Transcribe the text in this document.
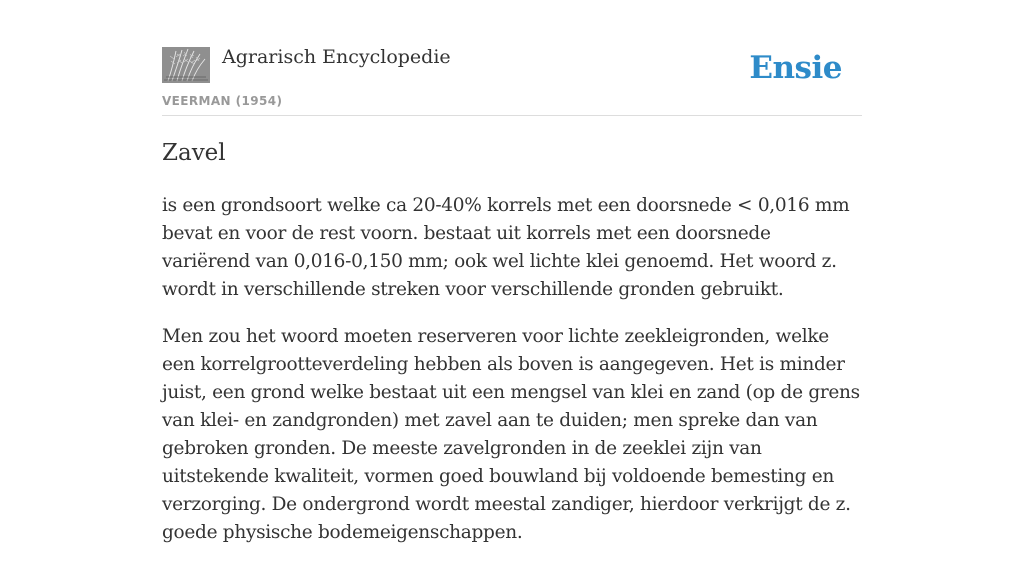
Agrarisch Encyclopedie
VEERMAN (1954)
Ensie
Zavel

is een grondsoort welke ca 20-40% korrels met een doorsnede < 0,016 mm bevat en voor de rest voorn. bestaat uit korrels met een doorsnede variërend van 0,016-0,150 mm; ook wel lichte klei genoemd. Het woord z. wordt in verschillende streken voor verschillende gronden gebruikt.

Men zou het woord moeten reserveren voor lichte zeekleigronden, welke een korrelgrootteverdeling hebben als boven is aangegeven. Het is minder juist, een grond welke bestaat uit een mengsel van klei en zand (op de grens van klei- en zandgronden) met zavel aan te duiden; men spreke dan van gebroken gronden. De meeste zavelgronden in de zeeklei zijn van uitstekende kwaliteit, vormen goed bouwland bij voldoende bemesting en verzorging. De ondergrond wordt meestal zandiger, hierdoor verkrijgt de z. goede physische bodemeigenschappen.
